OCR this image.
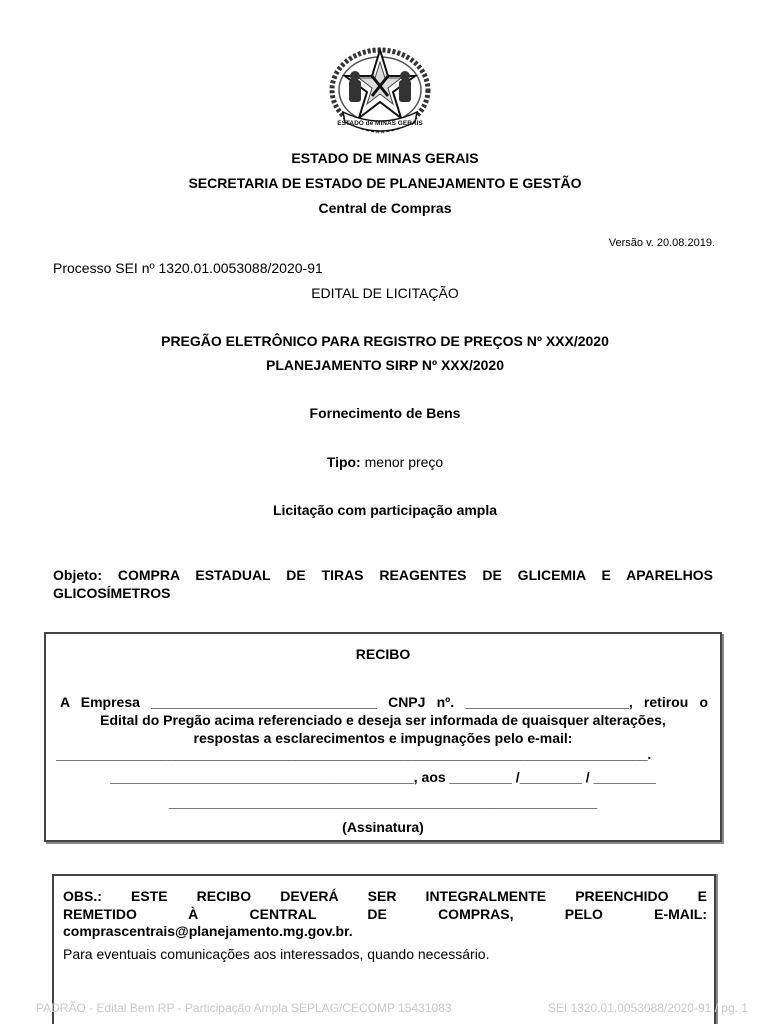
ESTADO de MINAS GERAIS
▪ ▪ ▪ ▪
ESTADO DE MINAS GERAIS
SECRETARIA DE ESTADO DE PLANEJAMENTO E GESTÃO
Central de Compras
Versão v. 20.08.2019.
Processo SEI nº 1320.01.0053088/2020-91
EDITAL DE LICITAÇÃO
PREGÃO ELETRÔNICO PARA REGISTRO DE PREÇOS Nº XXX/2020
PLANEJAMENTO SIRP Nº XXX/2020
Fornecimento de Bens
Tipo: menor preço
Licitação com participação ampla
Objeto: COMPRA ESTADUAL DE TIRAS REAGENTES DE GLICEMIA E APARELHOS
GLICOSÍMETROS
RECIBO
A Empresa _____________________________ CNPJ nº. _____________________, retirou o
Edital do Pregão acima referenciado e deseja ser informada de quaisquer alterações,
respostas a esclarecimentos e impugnações pelo e-mail:
_______________________________________________________________________________.
_______________________________________, aos ________ /________ / ________
_______________________________________________________
(Assinatura)
OBS.: ESTE RECIBO DEVERÁ SER INTEGRALMENTE PREENCHIDO E
REMETIDO À CENTRAL DE COMPRAS, PELO E-MAIL:
comprascentrais@planejamento.mg.gov.br.
Para eventuais comunicações aos interessados, quando necessário.
PADRÃO - Edital Bem RP - Participação Ampla SEPLAG/CECOMP 15431083	SEI 1320.01.0053088/2020-91 / pg. 1
